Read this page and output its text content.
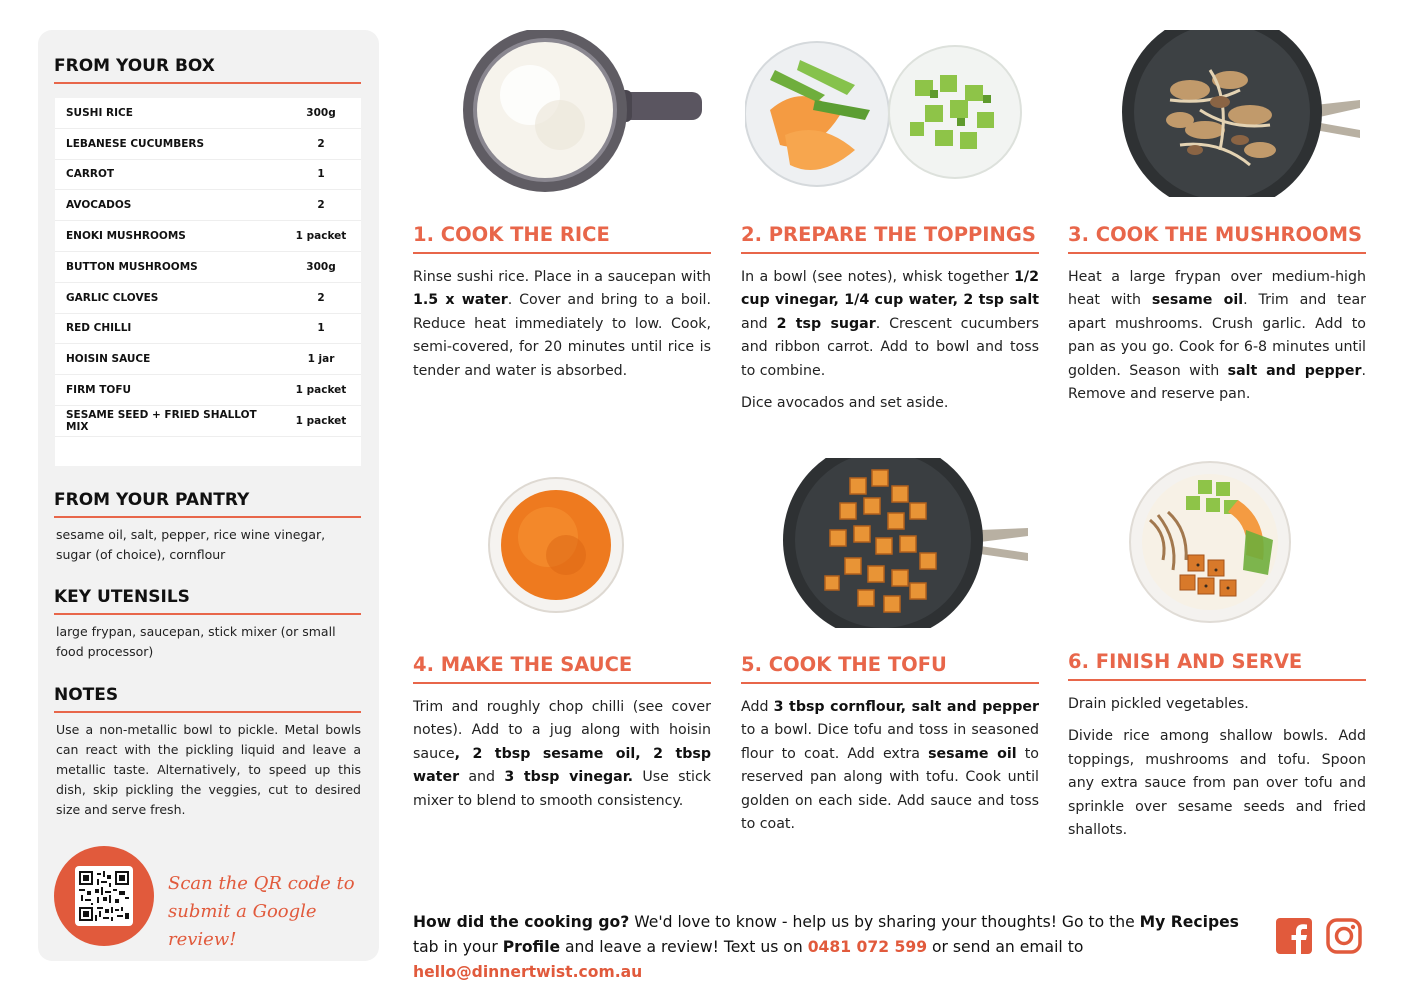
FROM YOUR BOX
SUSHI RICE	300g
LEBANESE CUCUMBERS	2
CARROT	1
AVOCADOS	2
ENOKI MUSHROOMS	1 packet
BUTTON MUSHROOMS	300g
GARLIC CLOVES	2
RED CHILLI	1
HOISIN SAUCE	1 jar
FIRM TOFU	1 packet
SESAME SEED + FRIED SHALLOT MIX	1 packet
FROM YOUR PANTRY
sesame oil, salt, pepper, rice wine vinegar, sugar (of choice), cornflour
KEY UTENSILS
large frypan, saucepan, stick mixer (or small food processor)
NOTES
Use a non-metallic bowl to pickle. Metal bowls can react with the pickling liquid and leave a metallic taste. Alternatively, to speed up this dish, skip pickling the veggies, cut to desired size and serve fresh.
Scan the QR code to
submit a Google review!
1. COOK THE RICE

Rinse sushi rice. Place in a saucepan with 1.5 x water. Cover and bring to a boil. Reduce heat immediately to low. Cook, semi-covered, for 20 minutes until rice is tender and water is absorbed.

2. PREPARE THE TOPPINGS

In a bowl (see notes), whisk together 1/2 cup vinegar, 1/4 cup water, 2 tsp salt and 2 tsp sugar. Crescent cucumbers and ribbon carrot. Add to bowl and toss to combine.

Dice avocados and set aside.

3. COOK THE MUSHROOMS

Heat a large frypan over medium-high heat with sesame oil. Trim and tear apart mushrooms. Crush garlic. Add to pan as you go. Cook for 6-8 minutes until golden. Season with salt and pepper. Remove and reserve pan.

4. MAKE THE SAUCE

Trim and roughly chop chilli (see cover notes). Add to a jug along with hoisin sauce, 2 tbsp sesame oil, 2 tbsp water and 3 tbsp vinegar. Use stick mixer to blend to smooth consistency.

5. COOK THE TOFU

Add 3 tbsp cornflour, salt and pepper to a bowl. Dice tofu and toss in seasoned flour to coat. Add extra sesame oil to reserved pan along with tofu. Cook until golden on each side. Add sauce and toss to coat.

6. FINISH AND SERVE

Drain pickled vegetables.

Divide rice among shallow bowls. Add toppings, mushrooms and tofu. Spoon any extra sauce from pan over tofu and sprinkle over sesame seeds and fried shallots.

How did the cooking go? We'd love to know - help us by sharing your thoughts! Go to the My Recipes tab in your Profile and leave a review! Text us on 0481 072 599 or send an email to hello@dinnertwist.com.au
